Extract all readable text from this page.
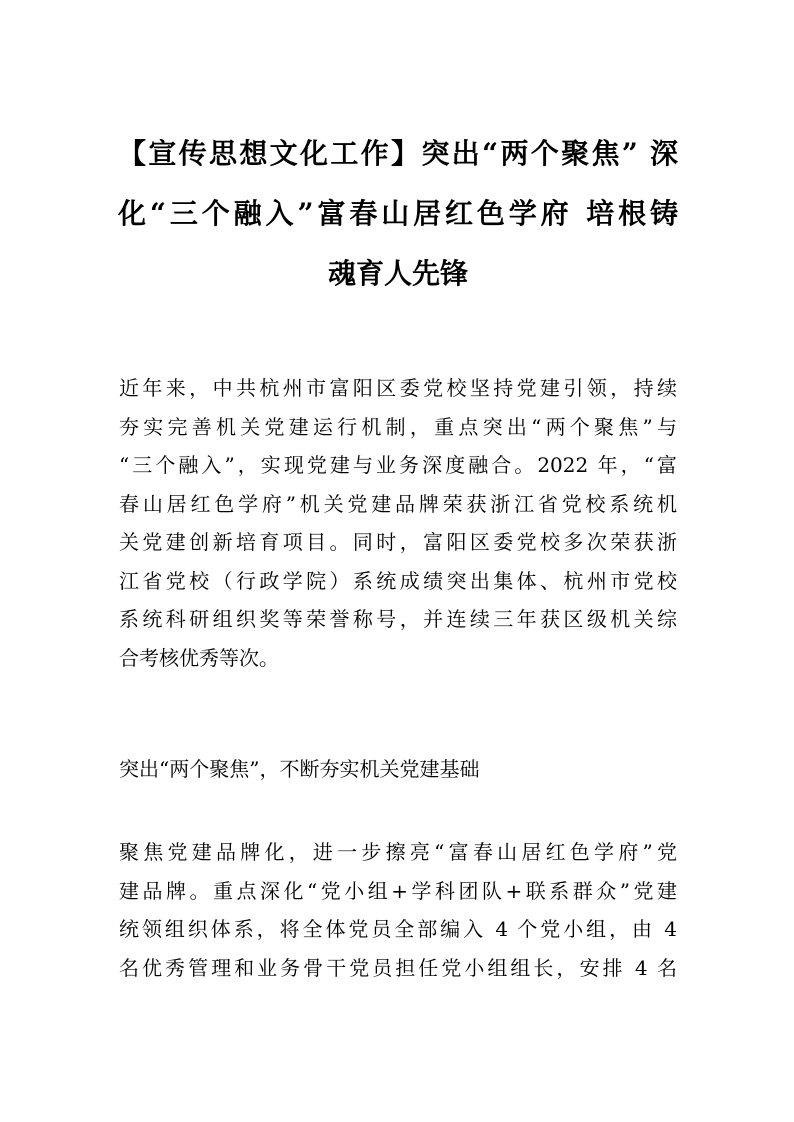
【宣传思想文化工作】突出“两个聚焦” 深
化“三个融入”富春山居红色学府 培根铸
魂育人先锋

近年来，中共杭州市富阳区委党校坚持党建引领，持续
夯实完善机关党建运行机制，重点突出“两个聚焦”与
“三个融入”，实现党建与业务深度融合。2022 年，“富
春山居红色学府”机关党建品牌荣获浙江省党校系统机
关党建创新培育项目。同时，富阳区委党校多次荣获浙
江省党校（行政学院）系统成绩突出集体、杭州市党校
系统科研组织奖等荣誉称号，并连续三年获区级机关综
合考核优秀等次。

突出“两个聚焦”，不断夯实机关党建基础

聚焦党建品牌化，进一步擦亮“富春山居红色学府”党
建品牌。重点深化“党小组+学科团队+联系群众”党建
统领组织体系，将全体党员全部编入 4 个党小组，由 4
名优秀管理和业务骨干党员担任党小组组长，安排 4 名
